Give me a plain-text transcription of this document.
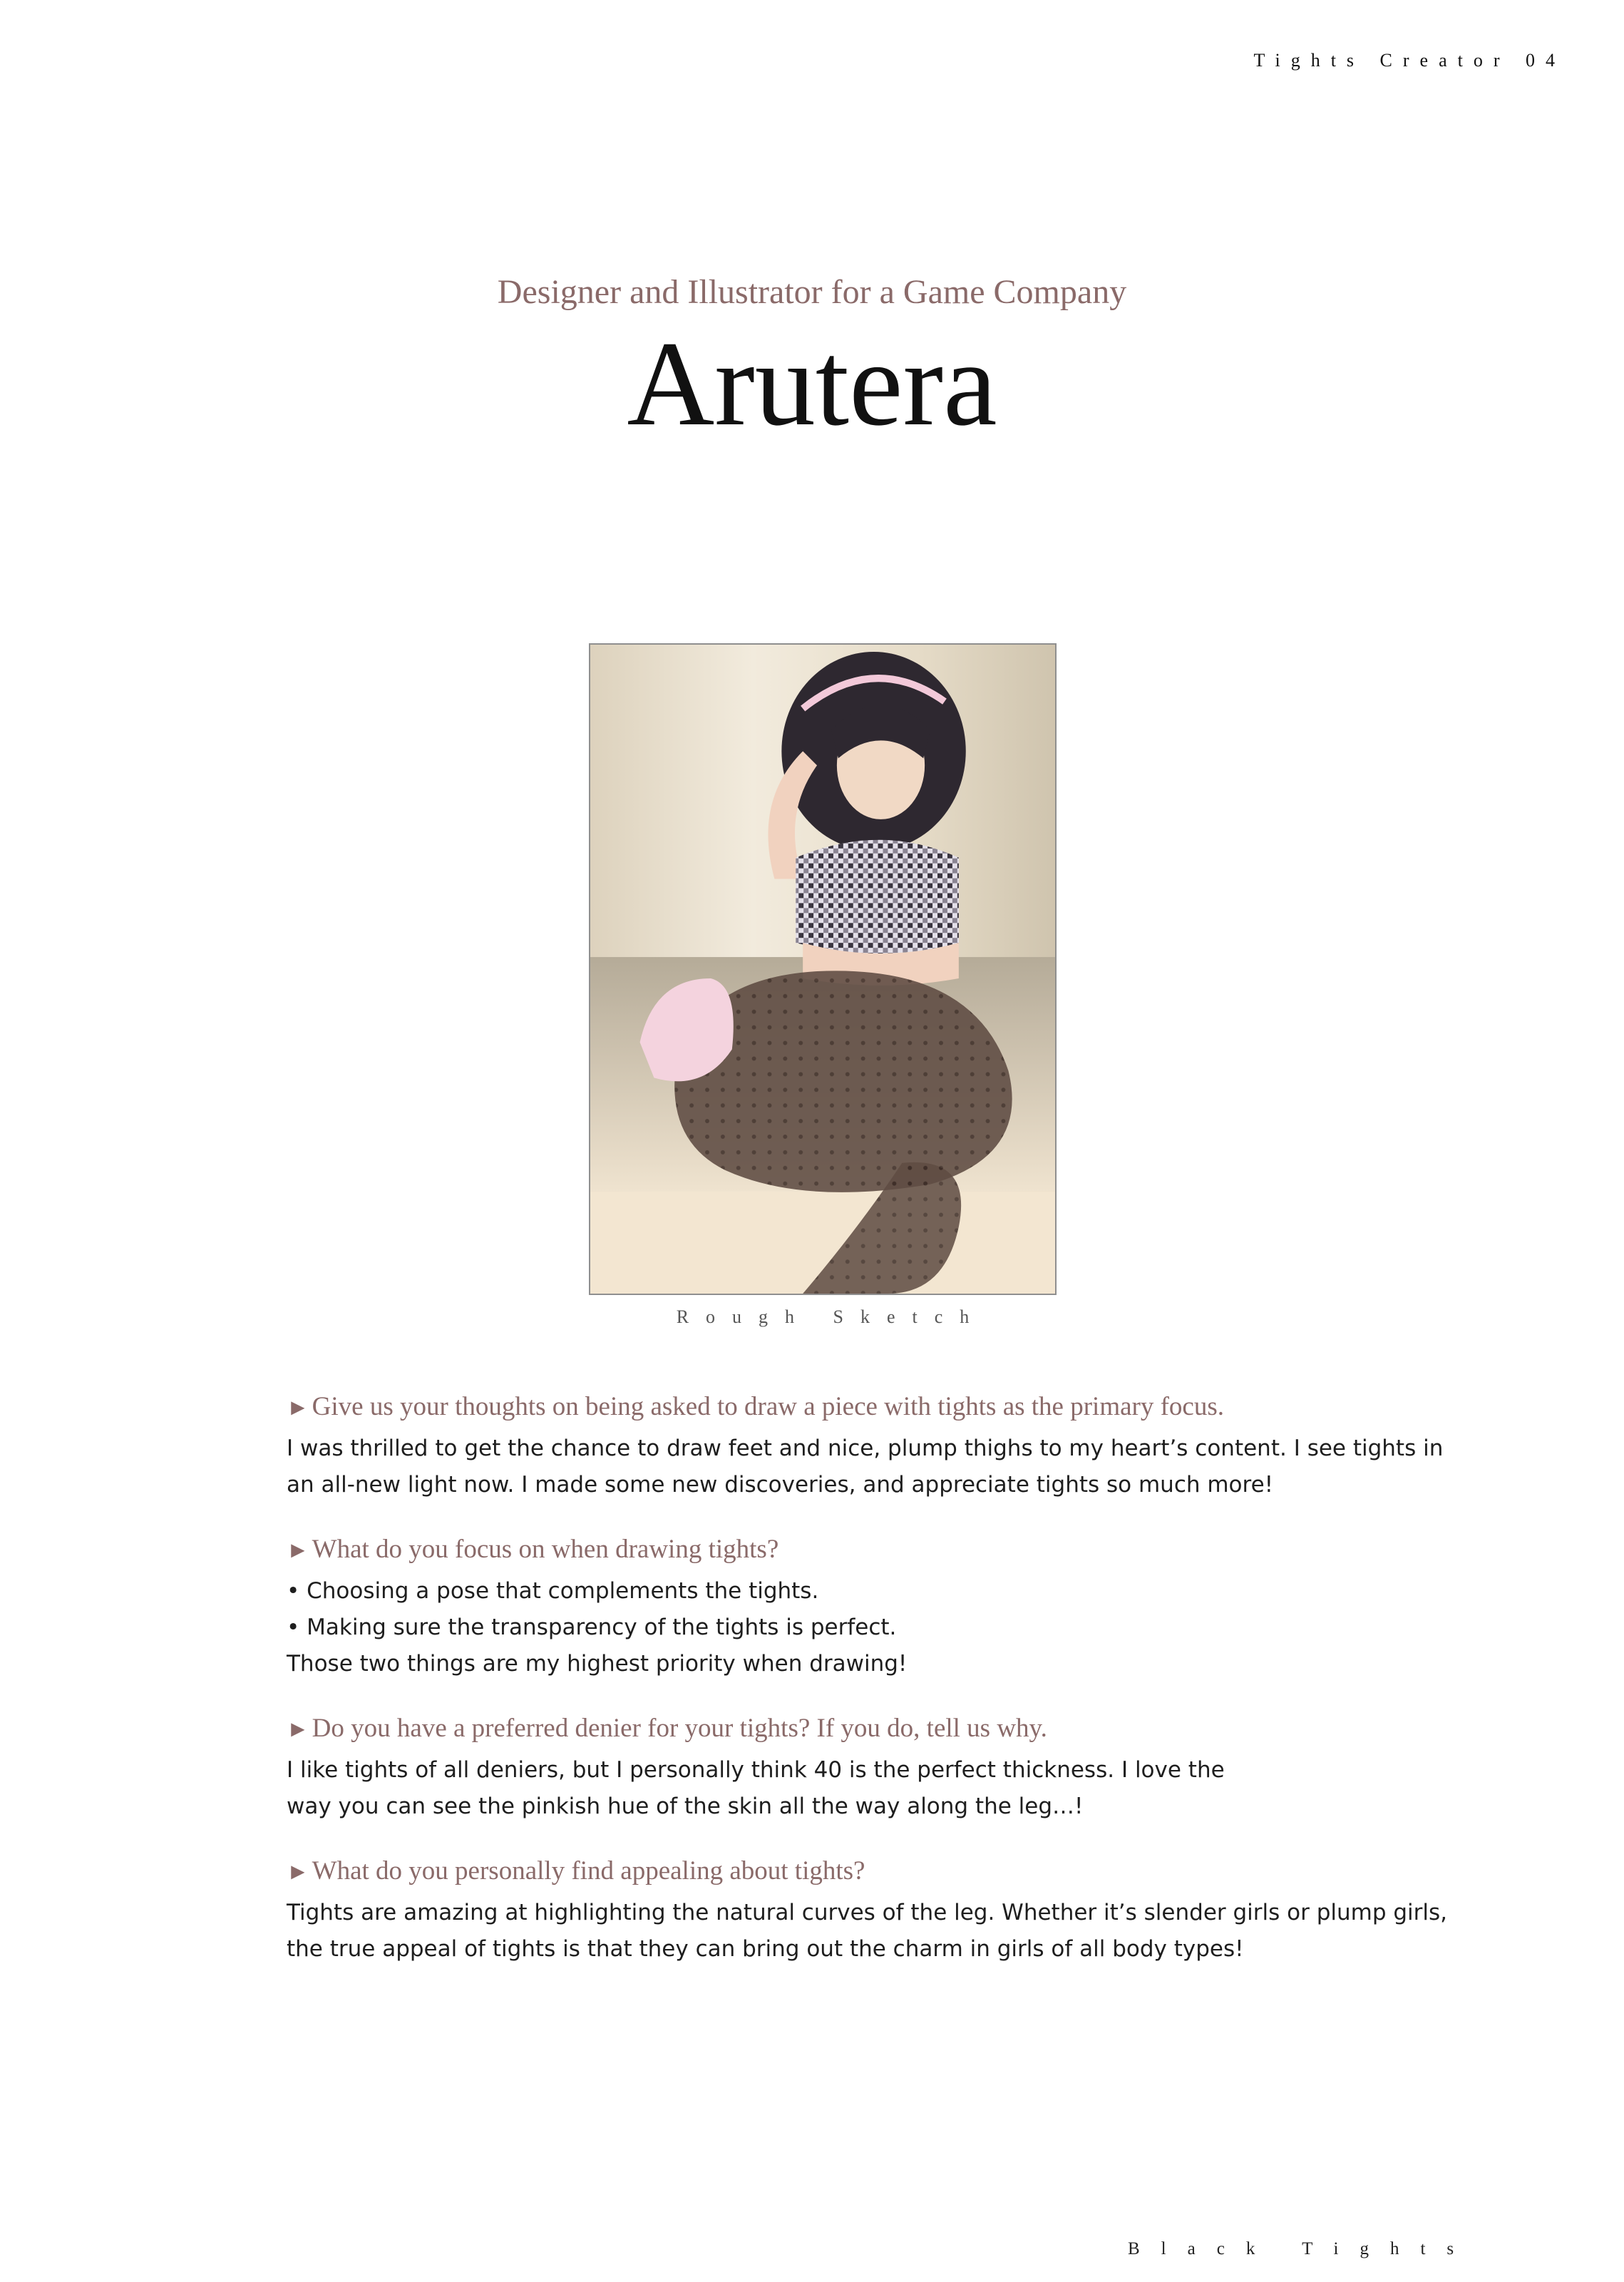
Tights Creator 04
Designer and Illustrator for a Game Company
Arutera
Rough Sketch
► Give us your thoughts on being asked to draw a piece with tights as the primary focus.
I was thrilled to get the chance to draw feet and nice, plump thighs to my heart’s content. I see tights in
an all-new light now. I made some new discoveries, and appreciate tights so much more!
► What do you focus on when drawing tights?
• Choosing a pose that complements the tights.
• Making sure the transparency of the tights is perfect.
Those two things are my highest priority when drawing!
► Do you have a preferred denier for your tights? If you do, tell us why.
I like tights of all deniers, but I personally think 40 is the perfect thickness. I love the
way you can see the pinkish hue of the skin all the way along the leg…!
► What do you personally find appealing about tights?
Tights are amazing at highlighting the natural curves of the leg. Whether it’s slender girls or plump girls,
the true appeal of tights is that they can bring out the charm in girls of all body types!
Black Tights
